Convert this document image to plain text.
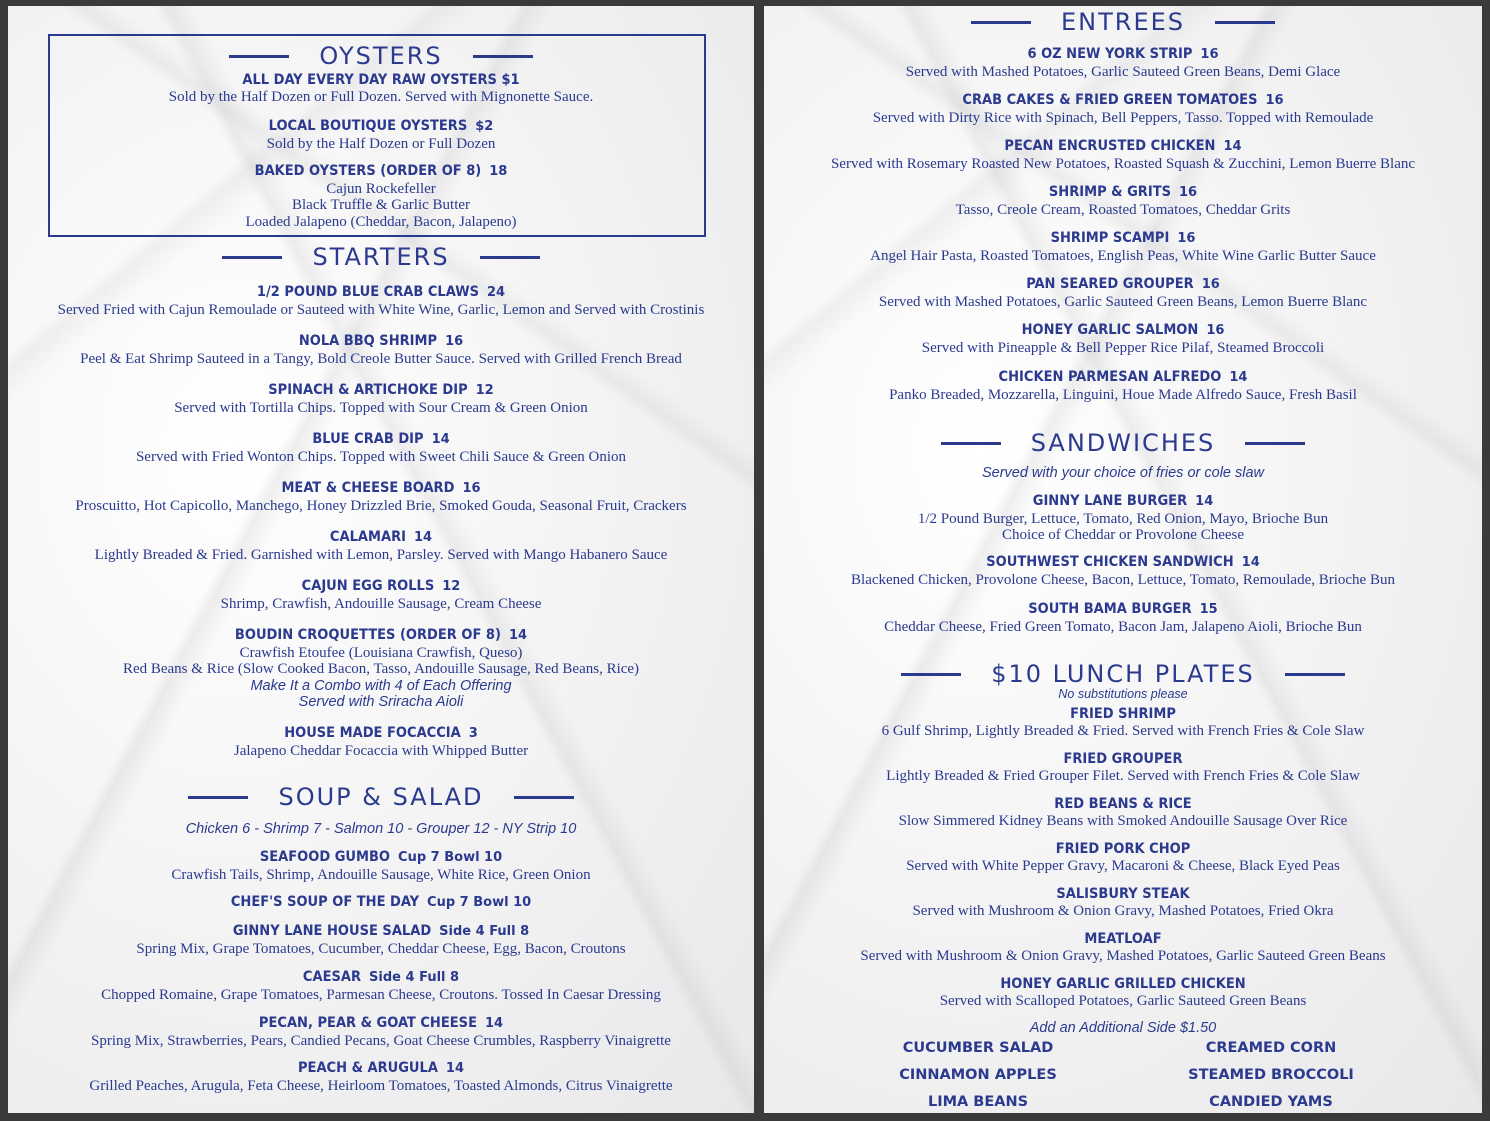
OYSTERS
ALL DAY EVERY DAY RAW OYSTERS $1
Sold by the Half Dozen or Full Dozen. Served with Mignonette Sauce.
LOCAL BOUTIQUE OYSTERS $2
Sold by the Half Dozen or Full Dozen
BAKED OYSTERS (ORDER OF 8) 18
Cajun Rockefeller
Black Truffle & Garlic Butter
Loaded Jalapeno (Cheddar, Bacon, Jalapeno)
STARTERS
1/2 POUND BLUE CRAB CLAWS 24
Served Fried with Cajun Remoulade or Sauteed with White Wine, Garlic, Lemon and Served with Crostinis
NOLA BBQ SHRIMP 16
Peel & Eat Shrimp Sauteed in a Tangy, Bold Creole Butter Sauce. Served with Grilled French Bread
SPINACH & ARTICHOKE DIP 12
Served with Tortilla Chips. Topped with Sour Cream & Green Onion
BLUE CRAB DIP 14
Served with Fried Wonton Chips. Topped with Sweet Chili Sauce & Green Onion
MEAT & CHEESE BOARD 16
Proscuitto, Hot Capicollo, Manchego, Honey Drizzled Brie, Smoked Gouda, Seasonal Fruit, Crackers
CALAMARI 14
Lightly Breaded & Fried. Garnished with Lemon, Parsley. Served with Mango Habanero Sauce
CAJUN EGG ROLLS 12
Shrimp, Crawfish, Andouille Sausage, Cream Cheese
BOUDIN CROQUETTES (ORDER OF 8) 14
Crawfish Etoufee (Louisiana Crawfish, Queso)
Red Beans & Rice (Slow Cooked Bacon, Tasso, Andouille Sausage, Red Beans, Rice)
Make It a Combo with 4 of Each Offering
Served with Sriracha Aioli
HOUSE MADE FOCACCIA 3
Jalapeno Cheddar Focaccia with Whipped Butter
SOUP & SALAD
Chicken 6 - Shrimp 7 - Salmon 10 - Grouper 12 - NY Strip 10
SEAFOOD GUMBO Cup 7 Bowl 10
Crawfish Tails, Shrimp, Andouille Sausage, White Rice, Green Onion
CHEF'S SOUP OF THE DAY Cup 7 Bowl 10
GINNY LANE HOUSE SALAD Side 4 Full 8
Spring Mix, Grape Tomatoes, Cucumber, Cheddar Cheese, Egg, Bacon, Croutons
CAESAR Side 4 Full 8
Chopped Romaine, Grape Tomatoes, Parmesan Cheese, Croutons. Tossed In Caesar Dressing
PECAN, PEAR & GOAT CHEESE 14
Spring Mix, Strawberries, Pears, Candied Pecans, Goat Cheese Crumbles, Raspberry Vinaigrette
PEACH & ARUGULA 14
Grilled Peaches, Arugula, Feta Cheese, Heirloom Tomatoes, Toasted Almonds, Citrus Vinaigrette
ENTREES
6 OZ NEW YORK STRIP 16
Served with Mashed Potatoes, Garlic Sauteed Green Beans, Demi Glace
CRAB CAKES & FRIED GREEN TOMATOES 16
Served with Dirty Rice with Spinach, Bell Peppers, Tasso. Topped with Remoulade
PECAN ENCRUSTED CHICKEN 14
Served with Rosemary Roasted New Potatoes, Roasted Squash & Zucchini, Lemon Buerre Blanc
SHRIMP & GRITS 16
Tasso, Creole Cream, Roasted Tomatoes, Cheddar Grits
SHRIMP SCAMPI 16
Angel Hair Pasta, Roasted Tomatoes, English Peas, White Wine Garlic Butter Sauce
PAN SEARED GROUPER 16
Served with Mashed Potatoes, Garlic Sauteed Green Beans, Lemon Buerre Blanc
HONEY GARLIC SALMON 16
Served with Pineapple & Bell Pepper Rice Pilaf, Steamed Broccoli
CHICKEN PARMESAN ALFREDO 14
Panko Breaded, Mozzarella, Linguini, Houe Made Alfredo Sauce, Fresh Basil
SANDWICHES
Served with your choice of fries or cole slaw
GINNY LANE BURGER 14
1/2 Pound Burger, Lettuce, Tomato, Red Onion, Mayo, Brioche Bun
Choice of Cheddar or Provolone Cheese
SOUTHWEST CHICKEN SANDWICH 14
Blackened Chicken, Provolone Cheese, Bacon, Lettuce, Tomato, Remoulade, Brioche Bun
SOUTH BAMA BURGER 15
Cheddar Cheese, Fried Green Tomato, Bacon Jam, Jalapeno Aioli, Brioche Bun
$10 LUNCH PLATES
No substitutions please
FRIED SHRIMP
6 Gulf Shrimp, Lightly Breaded & Fried. Served with French Fries & Cole Slaw
FRIED GROUPER
Lightly Breaded & Fried Grouper Filet. Served with French Fries & Cole Slaw
RED BEANS & RICE
Slow Simmered Kidney Beans with Smoked Andouille Sausage Over Rice
FRIED PORK CHOP
Served with White Pepper Gravy, Macaroni & Cheese, Black Eyed Peas
SALISBURY STEAK
Served with Mushroom & Onion Gravy, Mashed Potatoes, Fried Okra
MEATLOAF
Served with Mushroom & Onion Gravy, Mashed Potatoes, Garlic Sauteed Green Beans
HONEY GARLIC GRILLED CHICKEN
Served with Scalloped Potatoes, Garlic Sauteed Green Beans
Add an Additional Side $1.50
CUCUMBER SALAD	CREAMED CORN
CINNAMON APPLES	STEAMED BROCCOLI
LIMA BEANS	CANDIED YAMS
